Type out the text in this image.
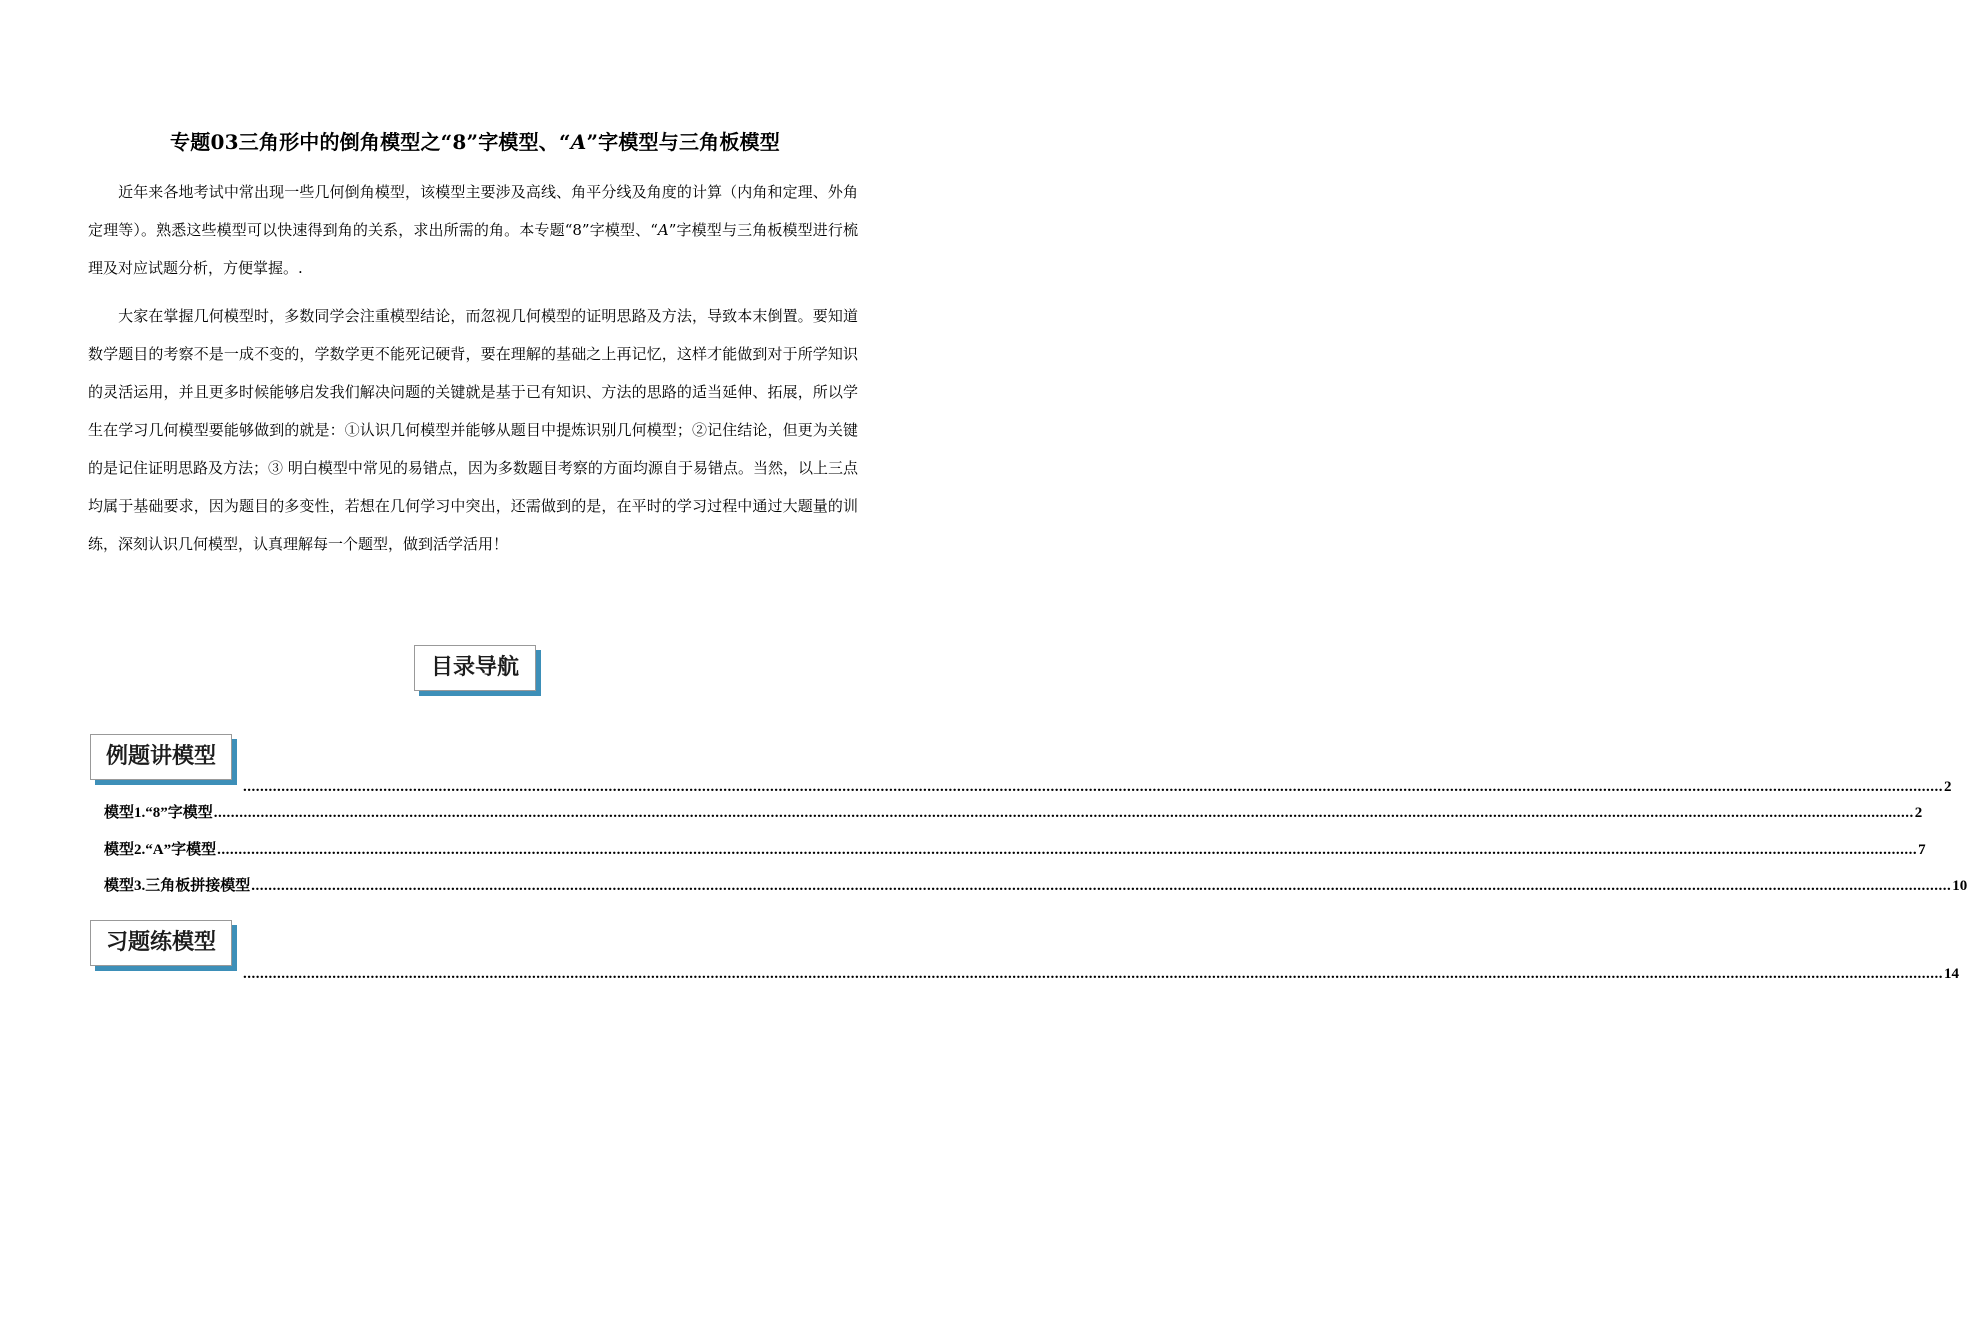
专题03三角形中的倒角模型之“8”字模型、“A”字模型与三角板模型
近年来各地考试中常出现一些几何倒角模型，该模型主要涉及高线、角平分线及角度的计算（内角和定理、外角定理等）。熟悉这些模型可以快速得到角的关系，求出所需的角。本专题“8”字模型、“A”字模型与三角板模型进行梳理及对应试题分析，方便掌握。.
大家在掌握几何模型时，多数同学会注重模型结论，而忽视几何模型的证明思路及方法，导致本末倒置。要知道数学题目的考察不是一成不变的，学数学更不能死记硬背，要在理解的基础之上再记忆，这样才能做到对于所学知识的灵活运用，并且更多时候能够启发我们解决问题的关键就是基于已有知识、方法的思路的适当延伸、拓展，所以学生在学习几何模型要能够做到的就是：①认识几何模型并能够从题目中提炼识别几何模型；②记住结论，但更为关键的是记住证明思路及方法；③ 明白模型中常见的易错点，因为多数题目考察的方面均源自于易错点。当然，以上三点均属于基础要求，因为题目的多变性，若想在几何学习中突出，还需做到的是，在平时的学习过程中通过大题量的训练，深刻认识几何模型，认真理解每一个题型，做到活学活用！
目录导航
例题讲模型
................................................................................................................................................................................................................................................................................................................................................................................................................ 2
模型1.“8”字模型 ................................................................................................................................................................................................................................................................................................................................................................................................................ 2
模型2.“A”字模型 ................................................................................................................................................................................................................................................................................................................................................................................................................ 7
模型3.三角板拼接模型 ................................................................................................................................................................................................................................................................................................................................................................................................................ 10
习题练模型
................................................................................................................................................................................................................................................................................................................................................................................................................ 14
